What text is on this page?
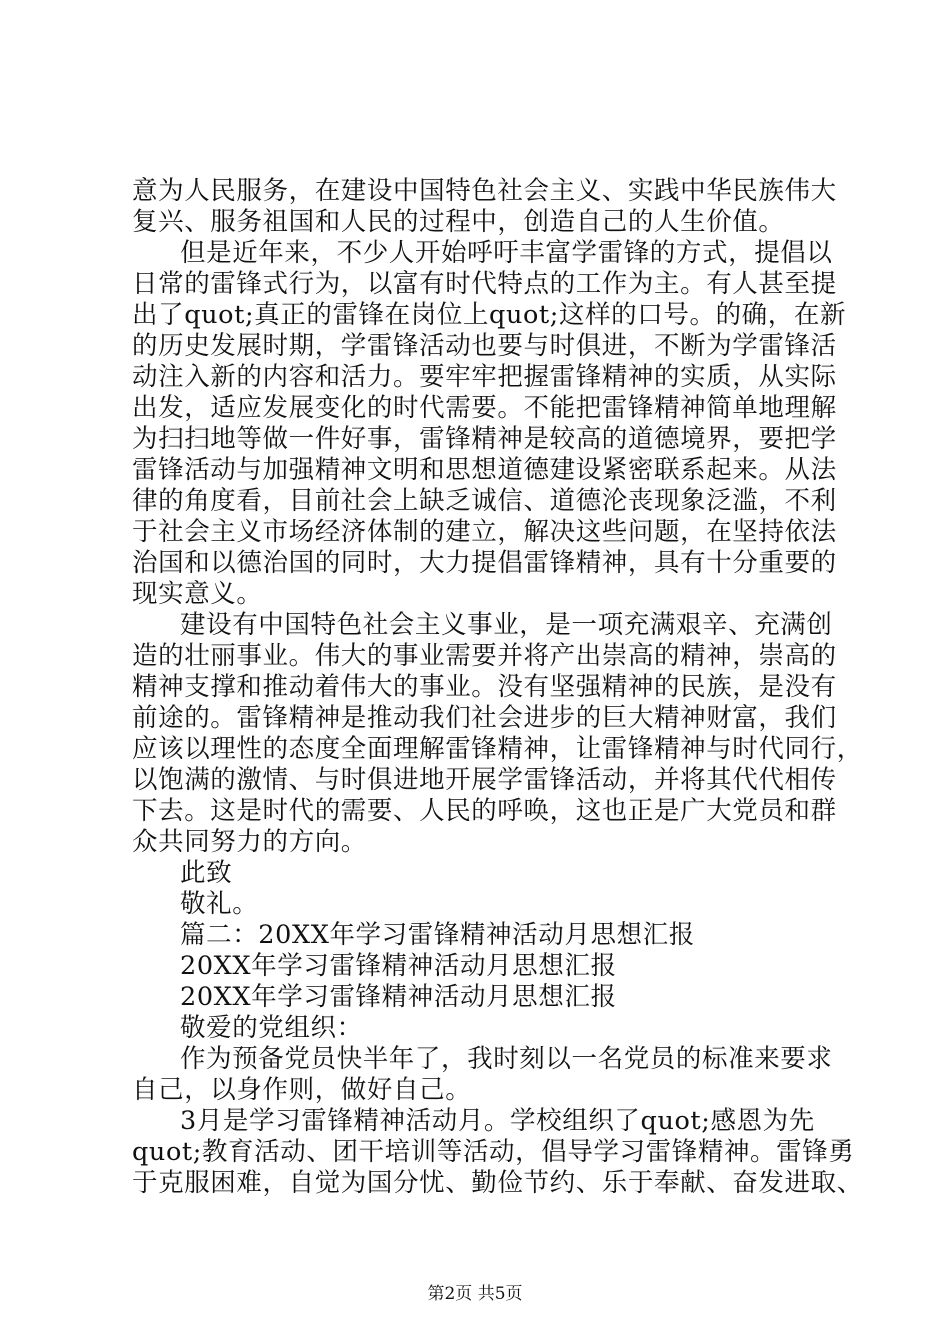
意为人民服务，在建设中国特色社会主义、实践中华民族伟大
复兴、服务祖国和人民的过程中，创造自己的人生价值。
但是近年来，不少人开始呼吁丰富学雷锋的方式，提倡以
日常的雷锋式行为，以富有时代特点的工作为主。有人甚至提
出了quot;真正的雷锋在岗位上quot;这样的口号。的确，在新
的历史发展时期，学雷锋活动也要与时俱进，不断为学雷锋活
动注入新的内容和活力。要牢牢把握雷锋精神的实质，从实际
出发，适应发展变化的时代需要。不能把雷锋精神简单地理解
为扫扫地等做一件好事，雷锋精神是较高的道德境界，要把学
雷锋活动与加强精神文明和思想道德建设紧密联系起来。从法
律的角度看，目前社会上缺乏诚信、道德沦丧现象泛滥，不利
于社会主义市场经济体制的建立，解决这些问题，在坚持依法
治国和以德治国的同时，大力提倡雷锋精神，具有十分重要的
现实意义。
建设有中国特色社会主义事业，是一项充满艰辛、充满创
造的壮丽事业。伟大的事业需要并将产出崇高的精神，崇高的
精神支撑和推动着伟大的事业。没有坚强精神的民族，是没有
前途的。雷锋精神是推动我们社会进步的巨大精神财富，我们
应该以理性的态度全面理解雷锋精神，让雷锋精神与时代同行，
以饱满的激情、与时俱进地开展学雷锋活动，并将其代代相传
下去。这是时代的需要、人民的呼唤，这也正是广大党员和群
众共同努力的方向。
此致
敬礼。
篇二：20XX年学习雷锋精神活动月思想汇报
20XX年学习雷锋精神活动月思想汇报
20XX年学习雷锋精神活动月思想汇报
敬爱的党组织：
作为预备党员快半年了，我时刻以一名党员的标准来要求
自己，以身作则，做好自己。
3月是学习雷锋精神活动月。学校组织了quot;感恩为先
quot;教育活动、团干培训等活动，倡导学习雷锋精神。雷锋勇
于克服困难，自觉为国分忧、勤俭节约、乐于奉献、奋发进取、
第2页 共5页
